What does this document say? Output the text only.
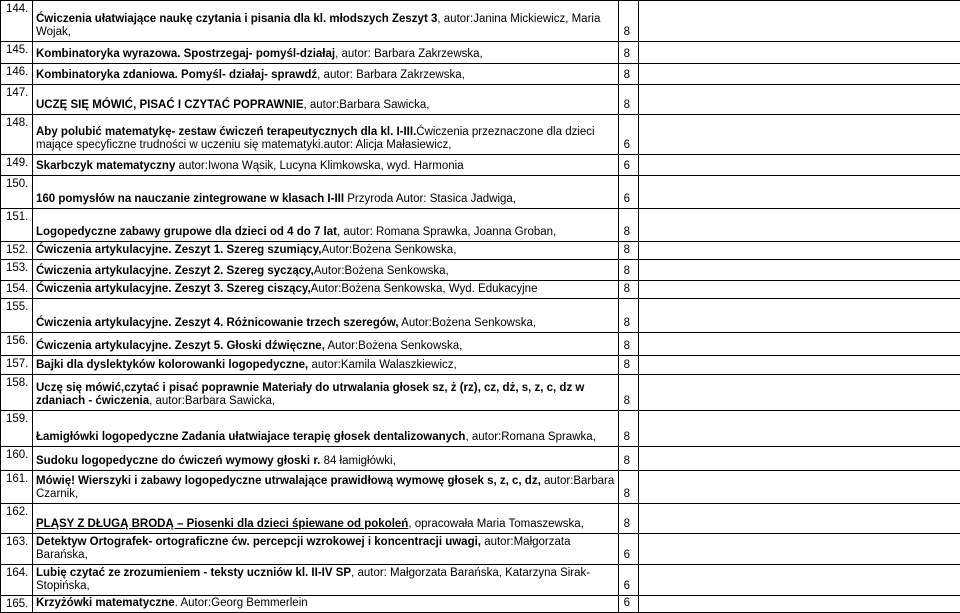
144.	Ćwiczenia ułatwiające naukę czytania i pisania dla kl. młodszych Zeszyt 3, autor:Janina Mickiewicz, Maria Wojak,	8	
145.	Kombinatoryka wyrazowa. Spostrzegaj- pomyśl-działaj, autor: Barbara Zakrzewska,	8	
146.	Kombinatoryka zdaniowa. Pomyśl- działaj- sprawdź, autor: Barbara Zakrzewska,	8	
147.	UCZĘ SIĘ MÓWIĆ, PISAĆ I CZYTAĆ POPRAWNIE, autor:Barbara Sawicka,	8	
148.	Aby polubić matematykę- zestaw ćwiczeń terapeutycznych dla kl. I-III.Ćwiczenia przeznaczone dla dzieci mające specyficzne trudności w uczeniu się matematyki.autor: Alicja Małasiewicz,	6	
149.	Skarbczyk matematyczny autor:Iwona Wąsik, Lucyna Klimkowska, wyd. Harmonia	6	
150.	160 pomysłów na nauczanie zintegrowane w klasach I-III Przyroda Autor: Stasica Jadwiga,	6	
151.	Logopedyczne zabawy grupowe dla dzieci od 4 do 7 lat, autor: Romana Sprawka, Joanna Groban,	8	
152.	Ćwiczenia artykulacyjne. Zeszyt 1. Szereg szumiący,Autor:Bożena Senkowska,	8	
153.	Ćwiczenia artykulacyjne. Zeszyt 2. Szereg syczący,Autor:Bożena Senkowska,	8	
154.	Ćwiczenia artykulacyjne. Zeszyt 3. Szereg ciszący,Autor:Bożena Senkowska, Wyd. Edukacyjne	8	
155.	Ćwiczenia artykulacyjne. Zeszyt 4. Różnicowanie trzech szeregów, Autor:Bożena Senkowska,	8	
156.	Ćwiczenia artykulacyjne. Zeszyt 5. Głoski dźwięczne, Autor:Bożena Senkowska,	8	
157.	Bajki dla dyslektyków kolorowanki logopedyczne, autor:Kamila Walaszkiewicz,	8	
158.	Uczę się mówić,czytać i pisać poprawnie Materiały do utrwalania głosek sz, ż (rz), cz, dż, s, z, c, dz w zdaniach - ćwiczenia, autor:Barbara Sawicka,	8	
159.	Łamigłówki logopedyczne Zadania ułatwiajace terapię głosek dentalizowanych, autor:Romana Sprawka,	8	
160.	Sudoku logopedyczne do ćwiczeń wymowy głoski r. 84 łamigłówki,	8	
161.	Mówię! Wierszyki i zabawy logopedyczne utrwalające prawidłową wymowę głosek s, z, c, dz, autor:Barbara Czarnik,	8	
162.	PLĄSY Z DŁUGĄ BRODĄ – Piosenki dla dzieci śpiewane od pokoleń, opracowała Maria Tomaszewska,	8	
163.	Detektyw Ortografek- ortograficzne ćw. percepcji wzrokowej i koncentracji uwagi, autor:Małgorzata Barańska,	6	
164.	Lubię czytać ze zrozumieniem - teksty uczniów kl. II-IV SP, autor: Małgorzata Barańska, Katarzyna Sirak-Stopińska,	6	
165.	Krzyżówki matematyczne. Autor:Georg Bemmerlein	6	
